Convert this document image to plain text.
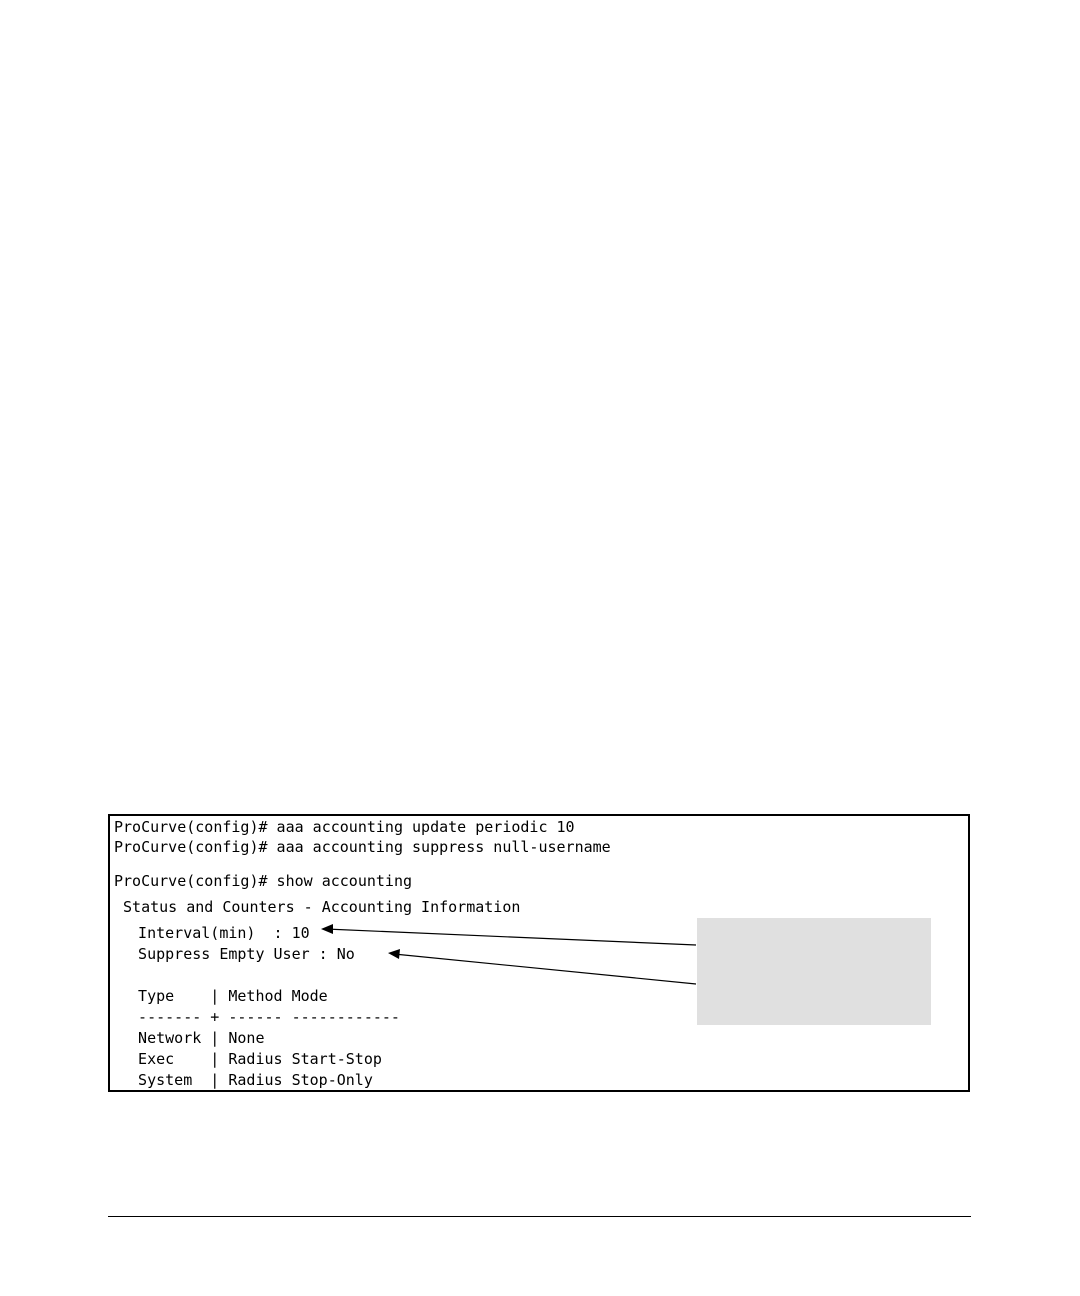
ProCurve(config)# aaa accounting update periodic 10
ProCurve(config)# aaa accounting suppress null-username
ProCurve(config)# show accounting
Status and Counters - Accounting Information
Interval(min)  : 10
Suppress Empty User : No
Type    | Method Mode
------- + ------ ------------
Network | None
Exec    | Radius Start-Stop
System  | Radius Stop-Only
